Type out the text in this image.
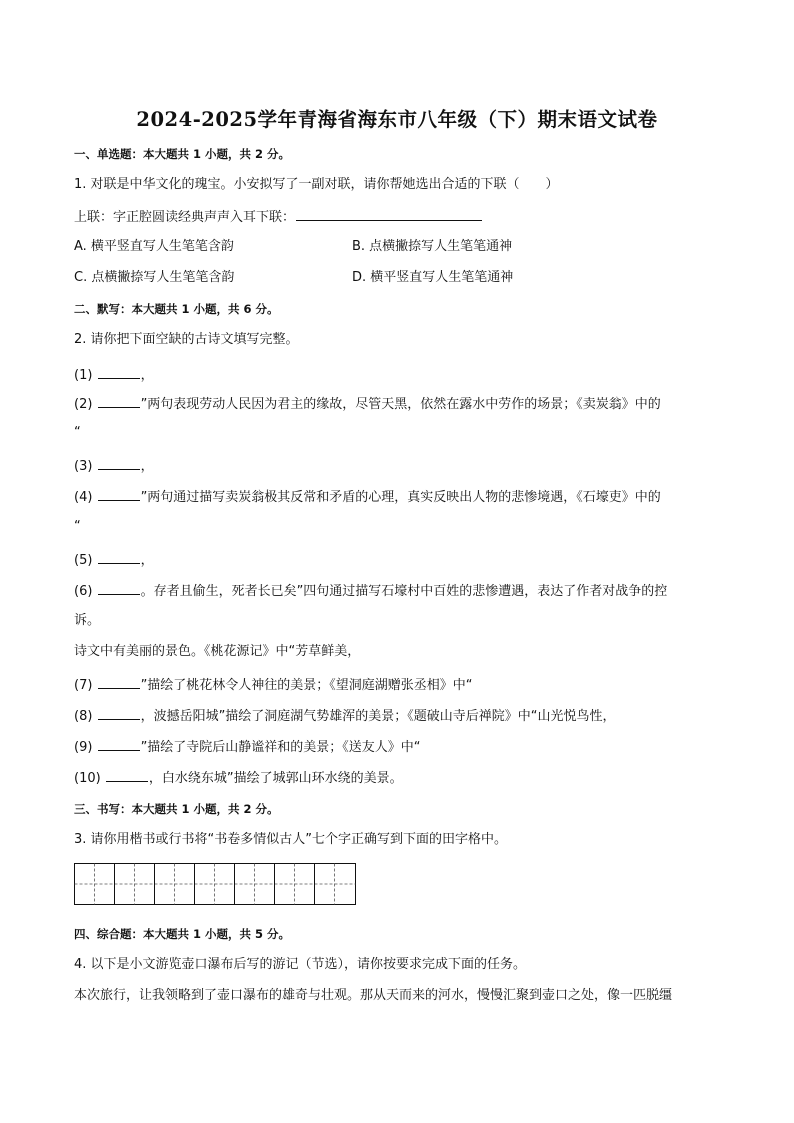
2024-2025学年青海省海东市八年级（下）期末语文试卷
一、单选题：本大题共 1 小题，共 2 分。
1. 对联是中华文化的瑰宝。小安拟写了一副对联，请你帮她选出合适的下联（　　）
上联：字正腔圆读经典声声入耳下联：
A. 横平竖直写人生笔笔含韵	B. 点横撇捺写人生笔笔通神
C. 点横撇捺写人生笔笔含韵	D. 横平竖直写人生笔笔通神
二、默写：本大题共 1 小题，共 6 分。
2. 请你把下面空缺的古诗文填写完整。
(1)	，
(2)	”两句表现劳动人民因为君主的缘故，尽管天黑，依然在露水中劳作的场景；《卖炭翁》中的
“
(3)	，
(4)	”两句通过描写卖炭翁极其反常和矛盾的心理，真实反映出人物的悲惨境遇，《石壕吏》中的
“
(5)	，
(6)	。存者且偷生，死者长已矣”四句通过描写石壕村中百姓的悲惨遭遇，表达了作者对战争的控
诉。
诗文中有美丽的景色。《桃花源记》中“芳草鲜美，
(7)	”描绘了桃花林令人神往的美景；《望洞庭湖赠张丞相》中“
(8)	，波撼岳阳城”描绘了洞庭湖气势雄浑的美景；《题破山寺后禅院》中“山光悦鸟性，
(9)	”描绘了寺院后山静谧祥和的美景；《送友人》中“
(10)	，白水绕东城”描绘了城郭山环水绕的美景。
三、书写：本大题共 1 小题，共 2 分。
3. 请你用楷书或行书将“书卷多情似古人”七个字正确写到下面的田字格中。
四、综合题：本大题共 1 小题，共 5 分。
4. 以下是小文游览壶口瀑布后写的游记（节选），请你按要求完成下面的任务。
本次旅行，让我领略到了壶口瀑布的雄奇与壮观。那从天而来的河水，慢慢汇聚到壶口之处，像一匹脱缰
